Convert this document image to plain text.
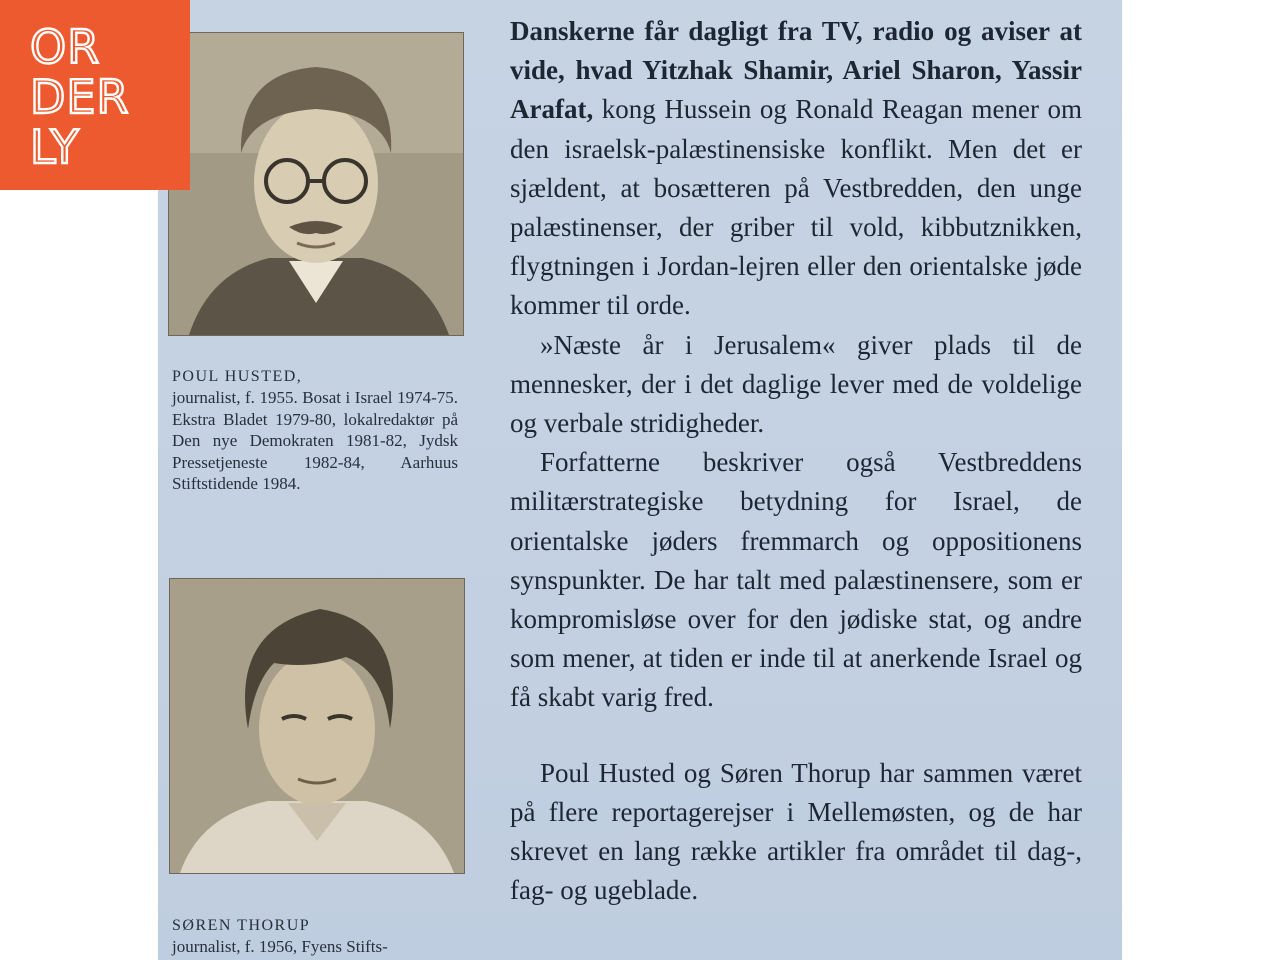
POUL HUSTED,
journalist, f. 1955. Bosat i Israel 1974-75. Ekstra Bladet 1979-80, lokalredaktør på Den nye Demokraten 1981-82, Jydsk Pressetjeneste 1982-84, Aarhuus Stiftstidende 1984.
SØREN THORUP
journalist, f. 1956, Fyens Stifts-

Danskerne får dagligt fra TV, radio og aviser at vide, hvad Yitzhak Shamir, Ariel Sharon, Yassir Arafat, kong Hussein og Ronald Reagan mener om den israelsk-palæstinensiske konflikt. Men det er sjældent, at bosætteren på Vestbredden, den unge palæstinenser, der griber til vold, kibbutznikken, flygtningen i Jordan-lejren eller den orientalske jøde kommer til orde.

»Næste år i Jerusalem« giver plads til de mennesker, der i det daglige lever med de voldelige og verbale stridigheder.

Forfatterne beskriver også Vestbreddens militærstrategiske betydning for Israel, de orientalske jøders fremmarch og oppositionens synspunkter. De har talt med palæstinensere, som er kompromisløse over for den jødiske stat, og andre som mener, at tiden er inde til at anerkende Israel og få skabt varig fred.

Poul Husted og Søren Thorup har sammen været på flere reportagerejser i Mellemøsten, og de har skrevet en lang række artikler fra området til dag-, fag- og ugeblade.

OR
DER
LY
